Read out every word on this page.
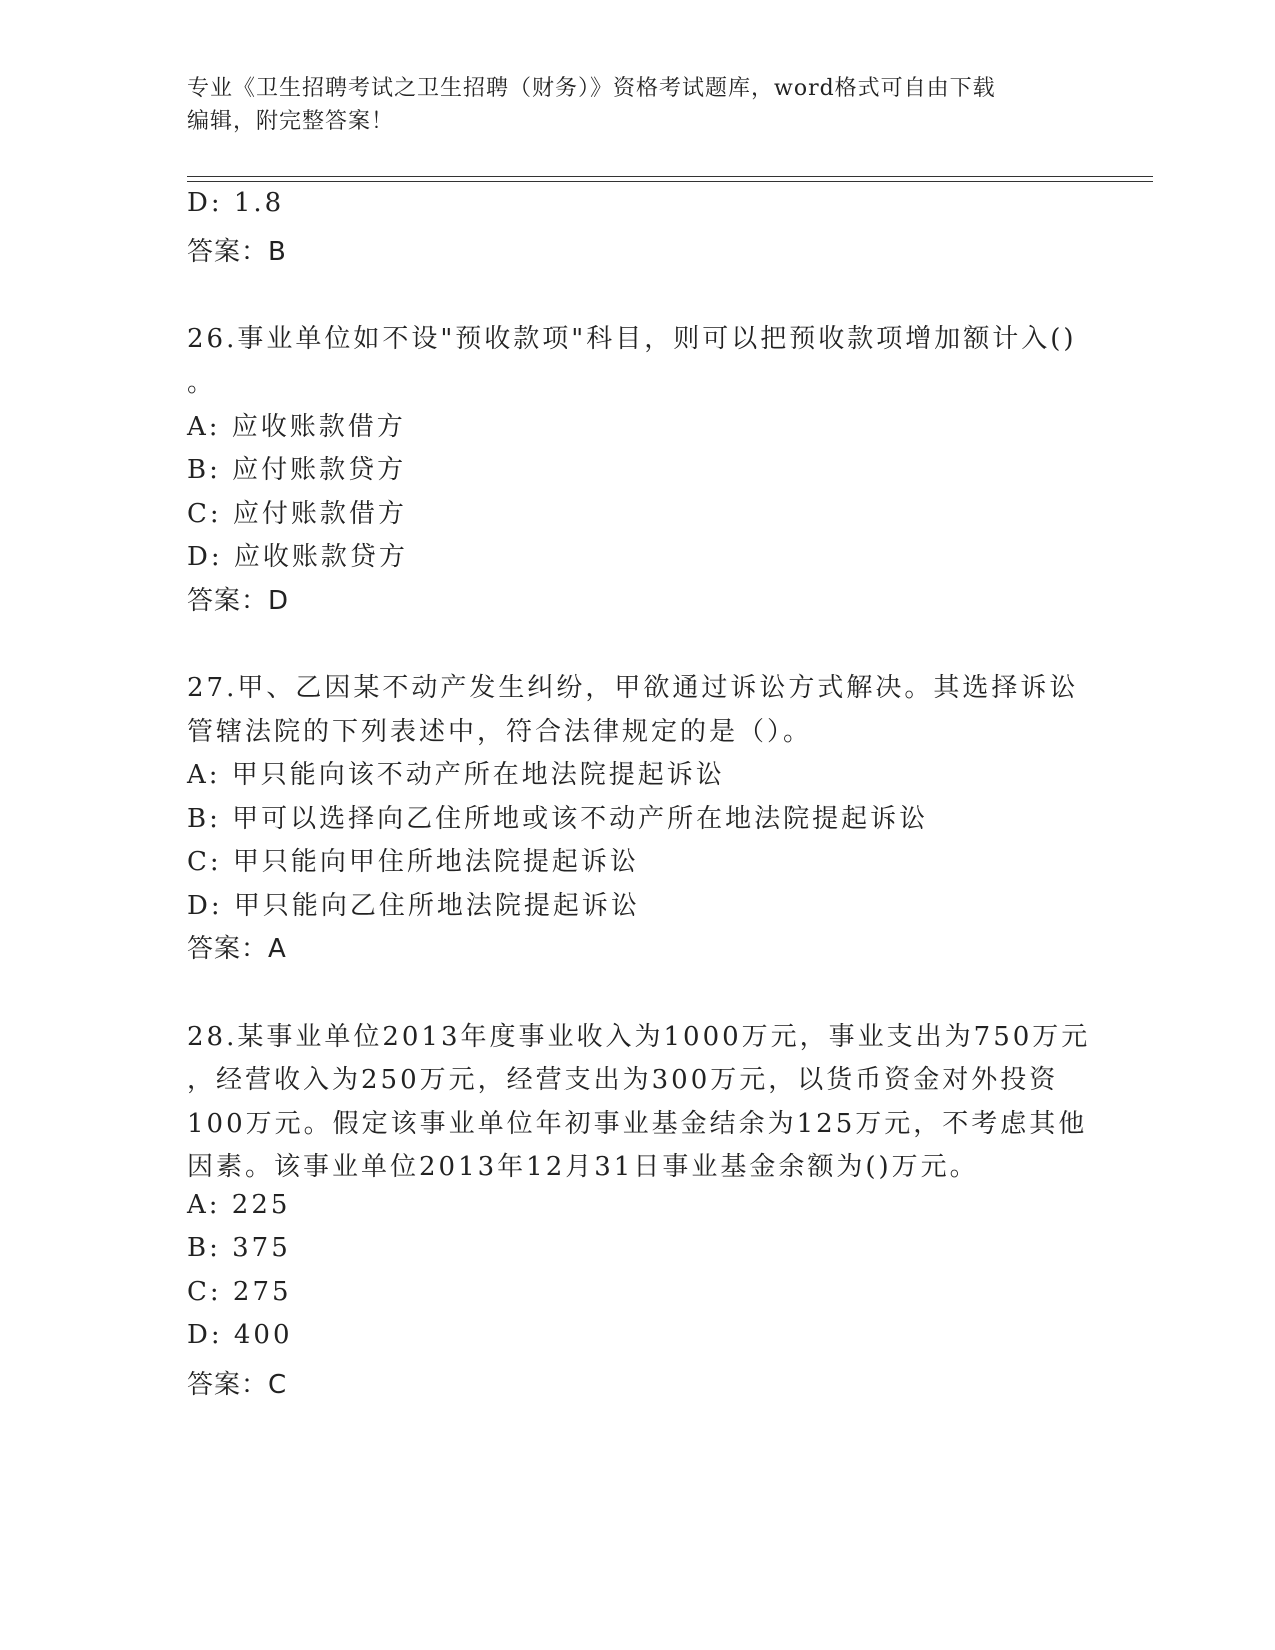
专业《卫生招聘考试之卫生招聘（财务）》资格考试题库，word格式可自由下载
编辑，附完整答案！
D: 1.8
答案：B
26.事业单位如不设"预收款项"科目，则可以把预收款项增加额计入()
。
A: 应收账款借方
B: 应付账款贷方
C: 应付账款借方
D: 应收账款贷方
答案：D
27.甲、乙因某不动产发生纠纷，甲欲通过诉讼方式解决。其选择诉讼
管辖法院的下列表述中，符合法律规定的是（）。
A: 甲只能向该不动产所在地法院提起诉讼
B: 甲可以选择向乙住所地或该不动产所在地法院提起诉讼
C: 甲只能向甲住所地法院提起诉讼
D: 甲只能向乙住所地法院提起诉讼
答案：A
28.某事业单位2013年度事业收入为1000万元，事业支出为750万元
，经营收入为250万元，经营支出为300万元，以货币资金对外投资
100万元。假定该事业单位年初事业基金结余为125万元，不考虑其他
因素。该事业单位2013年12月31日事业基金余额为()万元。
A: 225
B: 375
C: 275
D: 400
答案：C
